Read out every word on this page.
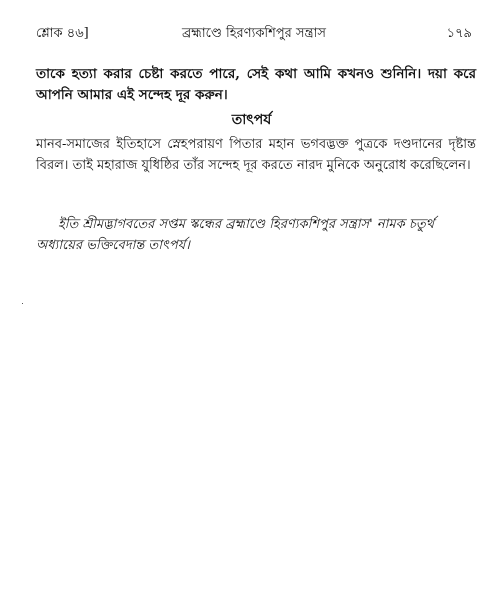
শ্লোক ৪৬]	ব্রহ্মাণ্ডে হিরণ্যকশিপুর সন্ত্রাস	১৭৯
তাকে হত্যা করার চেষ্টা করতে পারে, সেই কথা আমি কখনও শুনিনি। দয়া করে আপনি আমার এই সন্দেহ দূর করুন।
তাৎপর্য
মানব-সমাজের ইতিহাসে স্নেহপরায়ণ পিতার মহান ভগবদ্ভক্ত পুত্রকে দণ্ডদানের দৃষ্টান্ত বিরল। তাই মহারাজ যুধিষ্ঠির তাঁর সন্দেহ দূর করতে নারদ মুনিকে অনুরোধ করেছিলেন।
ইতি শ্রীমদ্ভাগবতের সপ্তম স্কন্ধের ব্রহ্মাণ্ডে হিরণ্যকশিপুর সন্ত্রাস' নামক চতুর্থ অধ্যায়ের ভক্তিবেদান্ত তাৎপর্য।
